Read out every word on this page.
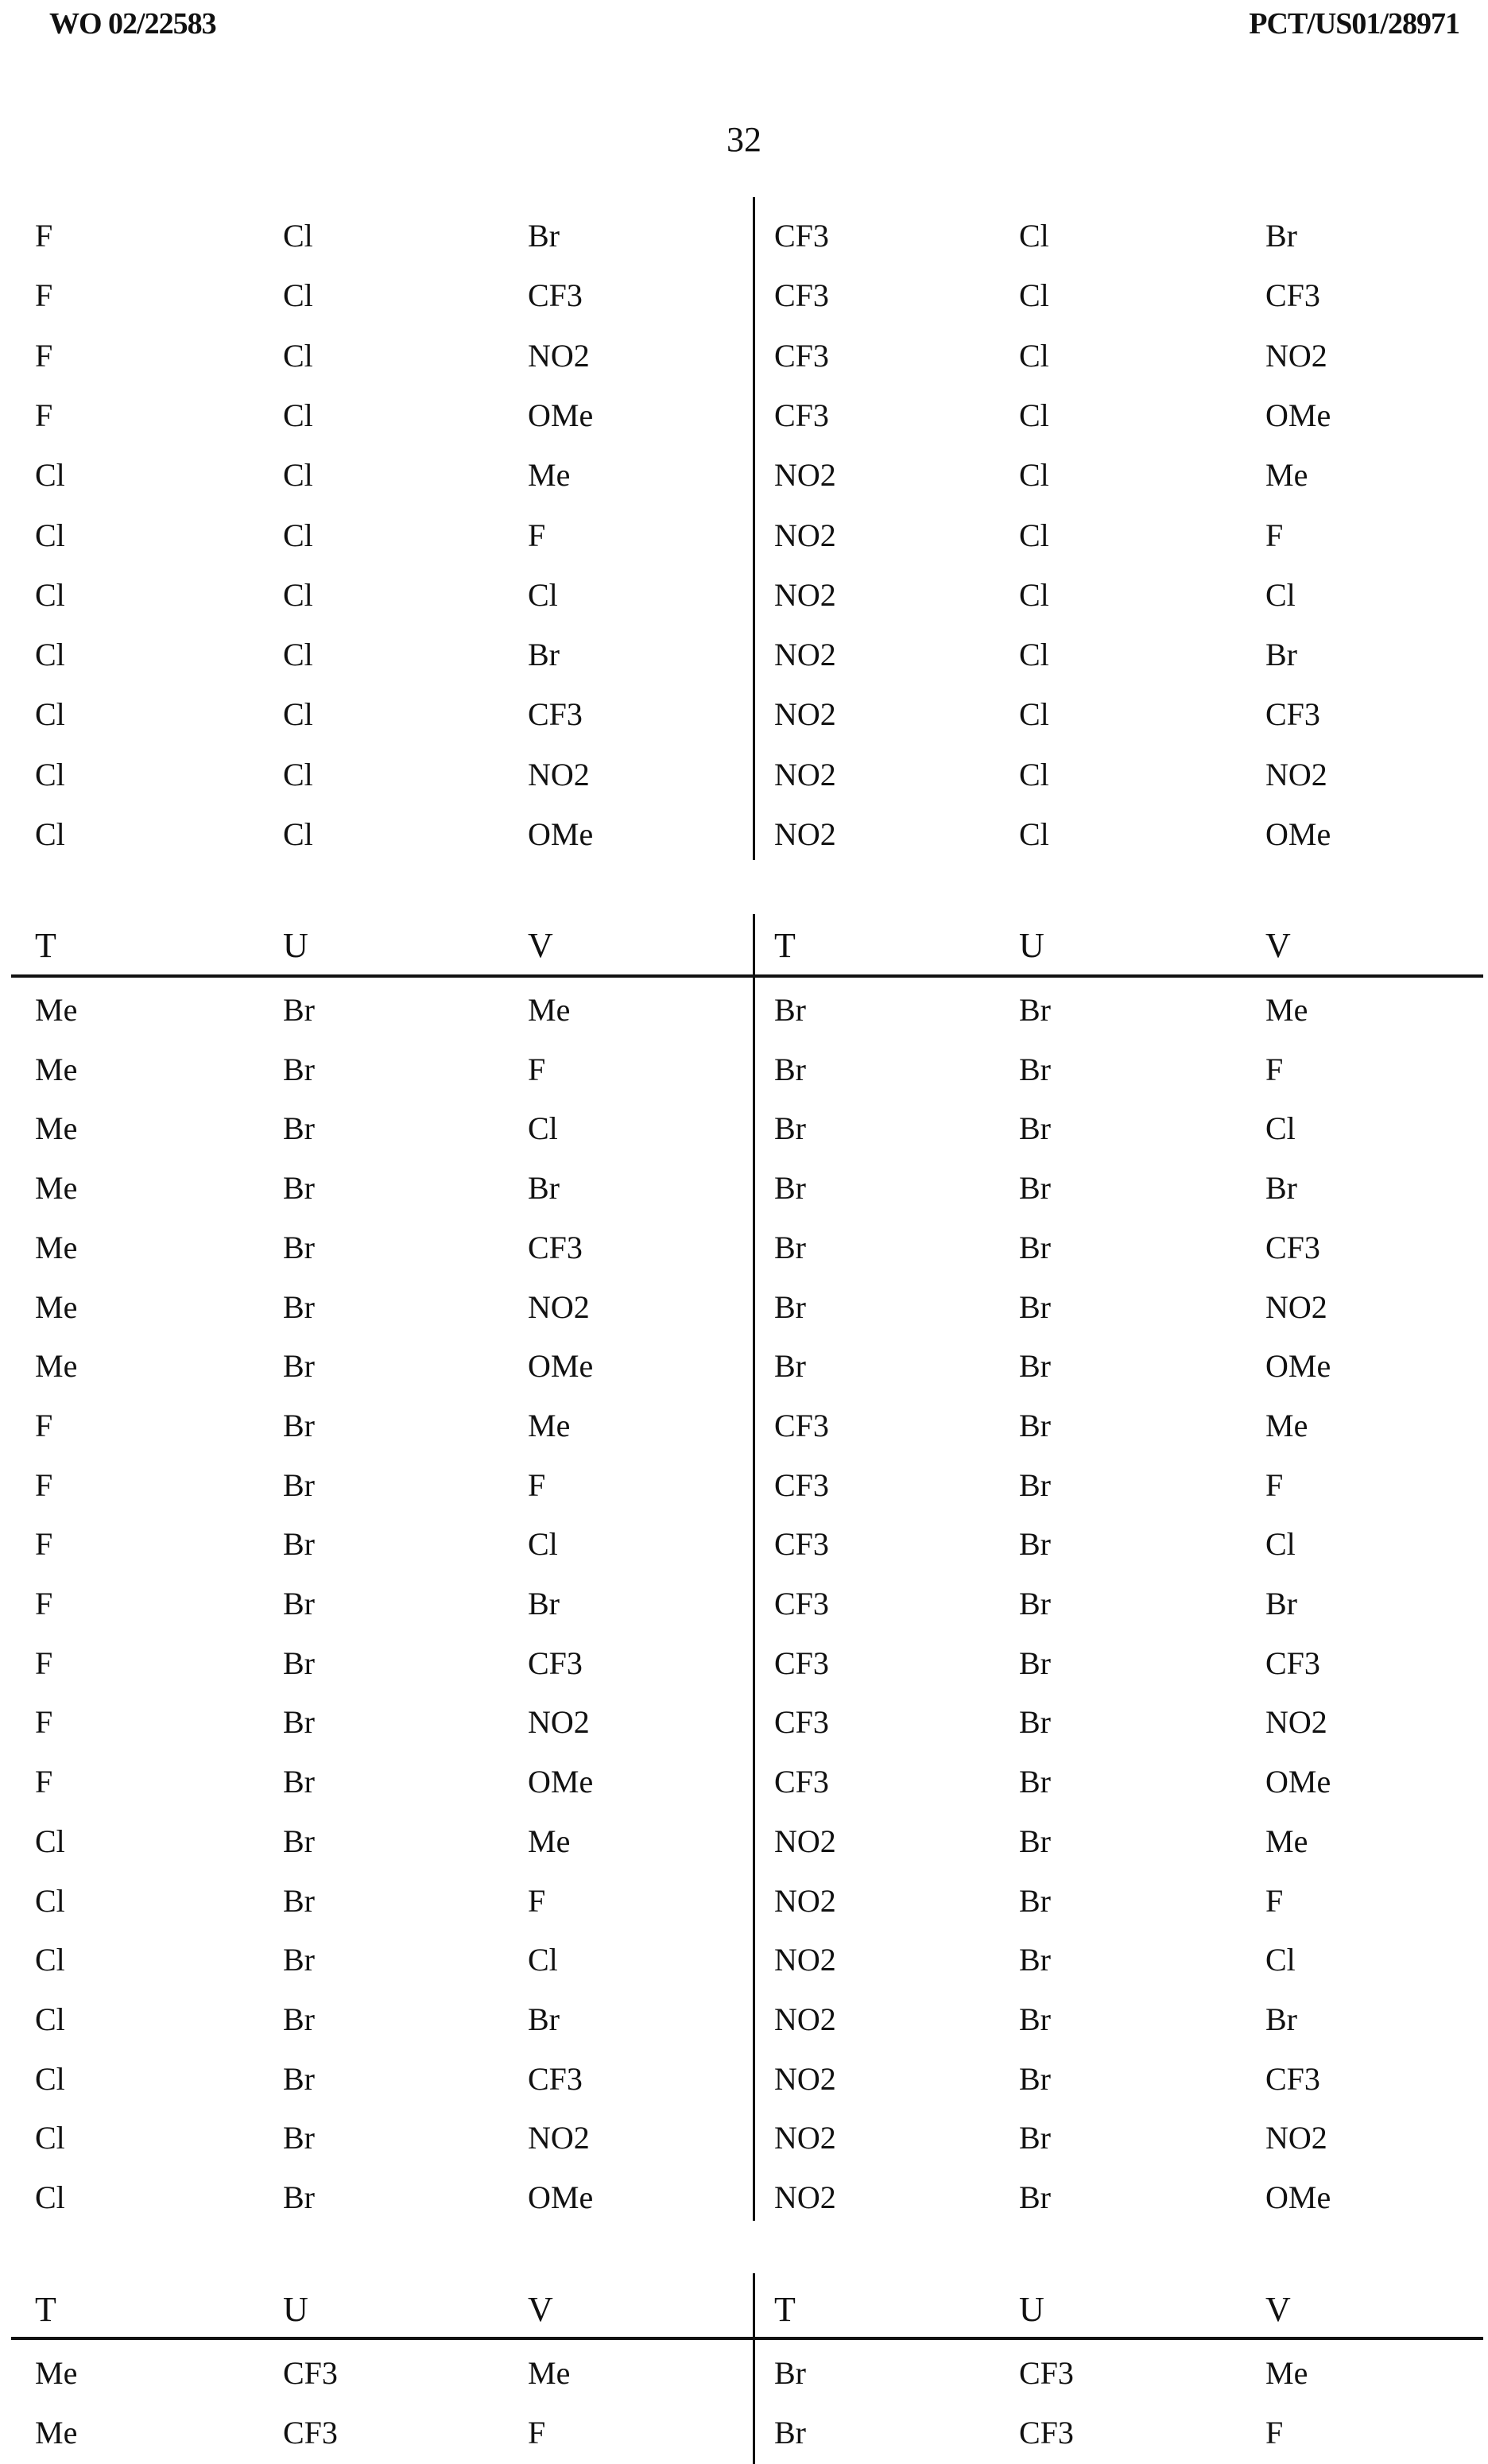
WO 02/22583	PCT/US01/28971
32
F	Cl	Br	CF3	Cl	Br
F	Cl	CF3	CF3	Cl	CF3
F	Cl	NO2	CF3	Cl	NO2
F	Cl	OMe	CF3	Cl	OMe
Cl	Cl	Me	NO2	Cl	Me
Cl	Cl	F	NO2	Cl	F
Cl	Cl	Cl	NO2	Cl	Cl
Cl	Cl	Br	NO2	Cl	Br
Cl	Cl	CF3	NO2	Cl	CF3
Cl	Cl	NO2	NO2	Cl	NO2
Cl	Cl	OMe	NO2	Cl	OMe
T	U	V	T	U	V
Me	Br	Me	Br	Br	Me
Me	Br	F	Br	Br	F
Me	Br	Cl	Br	Br	Cl
Me	Br	Br	Br	Br	Br
Me	Br	CF3	Br	Br	CF3
Me	Br	NO2	Br	Br	NO2
Me	Br	OMe	Br	Br	OMe
F	Br	Me	CF3	Br	Me
F	Br	F	CF3	Br	F
F	Br	Cl	CF3	Br	Cl
F	Br	Br	CF3	Br	Br
F	Br	CF3	CF3	Br	CF3
F	Br	NO2	CF3	Br	NO2
F	Br	OMe	CF3	Br	OMe
Cl	Br	Me	NO2	Br	Me
Cl	Br	F	NO2	Br	F
Cl	Br	Cl	NO2	Br	Cl
Cl	Br	Br	NO2	Br	Br
Cl	Br	CF3	NO2	Br	CF3
Cl	Br	NO2	NO2	Br	NO2
Cl	Br	OMe	NO2	Br	OMe
T	U	V	T	U	V
Me	CF3	Me	Br	CF3	Me
Me	CF3	F	Br	CF3	F
